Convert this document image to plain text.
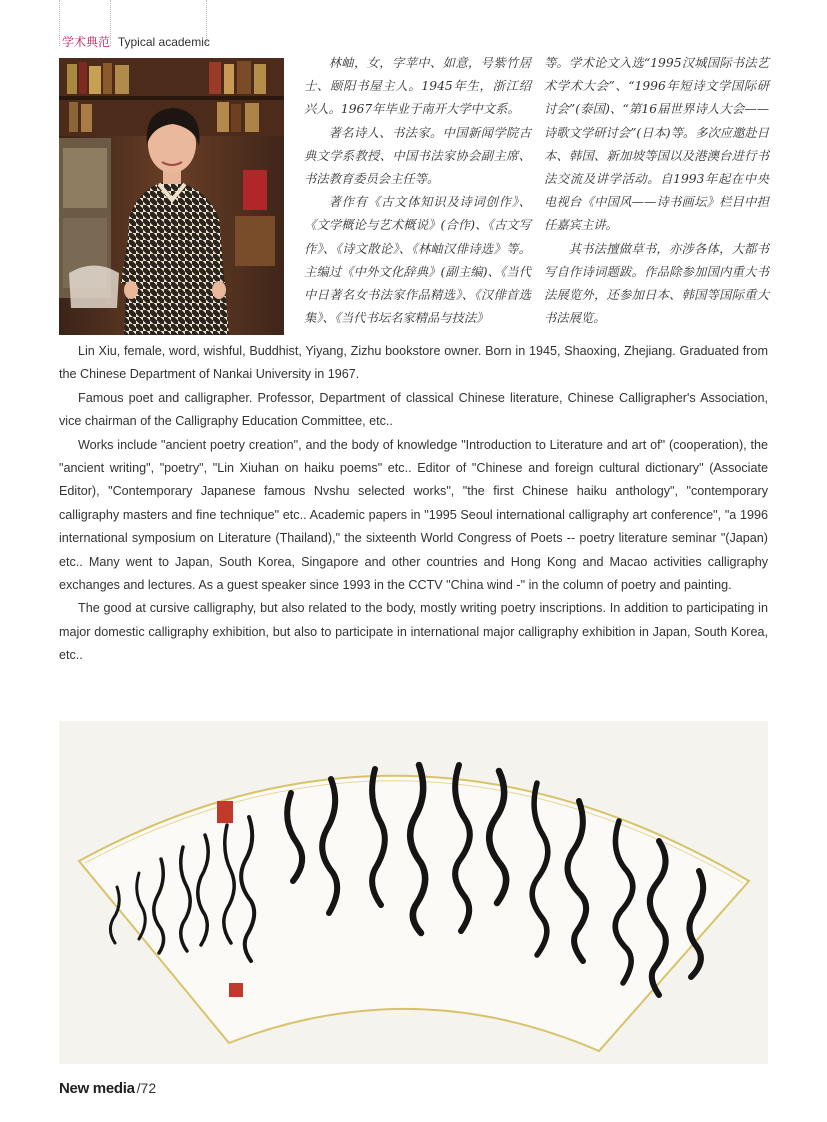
学术典范 Typical academic

林岫，女，字苹中、如意，号紫竹居士、颐阳书屋主人。1945年生，浙江绍兴人。1967年毕业于南开大学中文系。

著名诗人、书法家。中国新闻学院古典文学系教授、中国书法家协会副主席、书法教育委员会主任等。

著作有《古文体知识及诗词创作》、《文学概论与艺术概说》(合作)、《古文写作》、《诗文散论》、《林岫汉俳诗选》等。主编过《中外文化辞典》(副主编)、《当代中日著名女书法家作品精选》、《汉俳首选集》、《当代书坛名家精品与技法》

等。学术论文入选“1995汉城国际书法艺术学术大会”、“1996年短诗文学国际研讨会”(泰国)、“第16届世界诗人大会——诗歌文学研讨会”(日本)等。多次应邀赴日本、韩国、新加坡等国以及港澳台进行书法交流及讲学活动。自1993年起在中央电视台《中国风——诗书画坛》栏目中担任嘉宾主讲。

其书法擅做草书，亦涉各体，大都书写自作诗词题跋。作品除参加国内重大书法展览外，还参加日本、韩国等国际重大书法展览。

Lin Xiu, female, word, wishful, Buddhist, Yiyang, Zizhu bookstore owner. Born in 1945, Shaoxing, Zhejiang. Graduated from the Chinese Department of Nankai University in 1967.

Famous poet and calligrapher. Professor, Department of classical Chinese literature, Chinese Calligrapher's Association, vice chairman of the Calligraphy Education Committee, etc..

Works include "ancient poetry creation", and the body of knowledge "Introduction to Literature and art of" (cooperation), the "ancient writing", "poetry", "Lin Xiuhan on haiku poems" etc.. Editor of "Chinese and foreign cultural dictionary" (Associate Editor), "Contemporary Japanese famous Nvshu selected works", "the first Chinese haiku anthology", "contemporary calligraphy masters and fine technique" etc.. Academic papers in "1995 Seoul international calligraphy art conference", "a 1996 international symposium on Literature (Thailand)," the sixteenth World Congress of Poets -- poetry literature seminar "(Japan) etc.. Many went to Japan, South Korea, Singapore and other countries and Hong Kong and Macao activities calligraphy exchanges and lectures. As a guest speaker since 1993 in the CCTV "China wind -" in the column of poetry and painting.

The good at cursive calligraphy, but also related to the body, mostly writing poetry inscriptions. In addition to participating in major domestic calligraphy exhibition, but also to participate in international major calligraphy exhibition in Japan, South Korea, etc..

New media /72
